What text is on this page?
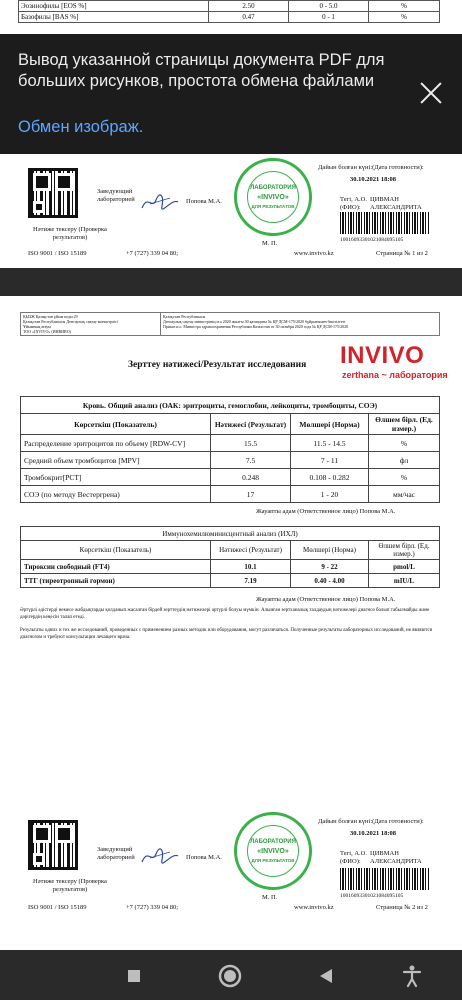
Эозинофилы [EOS %]	2.50	0 - 5.0	%
Базофилы [BAS %]	0.47	0 - 1	%
Нәтиже тексеру (Проверка результатов)
Заведующий лабораторией	Попова М.А.
ЛАБОРАТОРИЯ
«INVIVO»
ДЛЯ РЕЗУЛЬТАТОВ
М. П.
Дайын болған күні:(Дата готовности):
30.10.2021 18:08
Тегі, А.О. (ФИО):
ЦИВМАН АЛЕКСАНДРИТА
10016093301021084095105
ISO 9001 / ISO 15189	+7 (727) 339 04 80;	www.invivo.kz	Страница № 1 из 2
Вывод указанной страницы документа PDF для больших рисунков, простота обмена файлами
Обмен изображ.
ҚЫЗЖ Қазақстан ұйым коды 29
Қазақстан Республикасы Денсаулық сақтау министрлігі
Ұйымның атауы
ТОО «INVIVO» (ИНВИВО)	Қазақстан Республикасы
Денсаулық сақтау министрінің м.а 2020 жылғы 30 қазандағы № ҚР ДСМ-175/2020 бұйрығымен бекітілген
Приказ и.о. Министра здравоохранения Республики Казахстан от 30 октября 2020 года № ҚР ДСМ-175/2020
Зерттеу нәтижесі/Результат исследования INVIVO
zerthana ~ лаборатория
Кровь. Общий анализ (ОАК: эритроциты, гемоглобин, лейкоциты, тромбоциты, СОЭ)			
Көрсеткіш (Показатель)	Нәтижесі (Результат)	Мөлшері (Норма)	Өлшем бірл. (Ед. измер.)
Распределение эритроцитов по объему [RDW-CV]	15.5	11.5 - 14.5	%
Средний объем тромбоцитов [MPV]	7.5	7 - 11	фл
Тромбокрит[PCT]	0.248	0.108 - 0.282	%
СОЭ (по методу Вестергрена)	17	1 - 20	мм/час
Жауапты адам (Ответственное лицо) Попова М.А.
Иммунохемилюминисцентный анализ (ИХЛ)			
Көрсеткіш (Показатель)	Нәтижесі (Результат)	Мөлшері (Норма)	Өлшем бірл. (Ед. измер.)
Тироксин свободный (FT4)	10.1	9 - 22	pmol/L
ТТГ (тиреотропный гормон)	7.19	0.40 - 4.00	mIU/L
Жауапты адам (Ответственное лицо) Попова М.А.
Әртүрлі әдістерді немесе жабдықтарды қолданып жасалған бірдей зерттеудің нәтижелері әртүрлі болуы мүмкін. Алынған зертханалық талдаудың нәтижелері диагноз болып табылмайды және дәрігердің кеңесін талап етеді.
Результаты одних и тех же исследований, проведенных с применением разных методик или оборудования, могут различаться. Полученные результаты лабораторных исследований, не являются диагнозом и требуют консультации лечащего врача.
Нәтиже тексеру (Проверка результатов)
Заведующий лабораторией	Попова М.А.
ЛАБОРАТОРИЯ
«INVIVO»
ДЛЯ РЕЗУЛЬТАТОВ
М. П.
Дайын болған күні:(Дата готовности):
30.10.2021 18:08
Тегі, А.О. (ФИО):
ЦИВМАН АЛЕКСАНДРИТА
10016093301021084095105
ISO 9001 / ISO 15189	+7 (727) 339 04 80;	www.invivo.kz	Страница № 2 из 2
